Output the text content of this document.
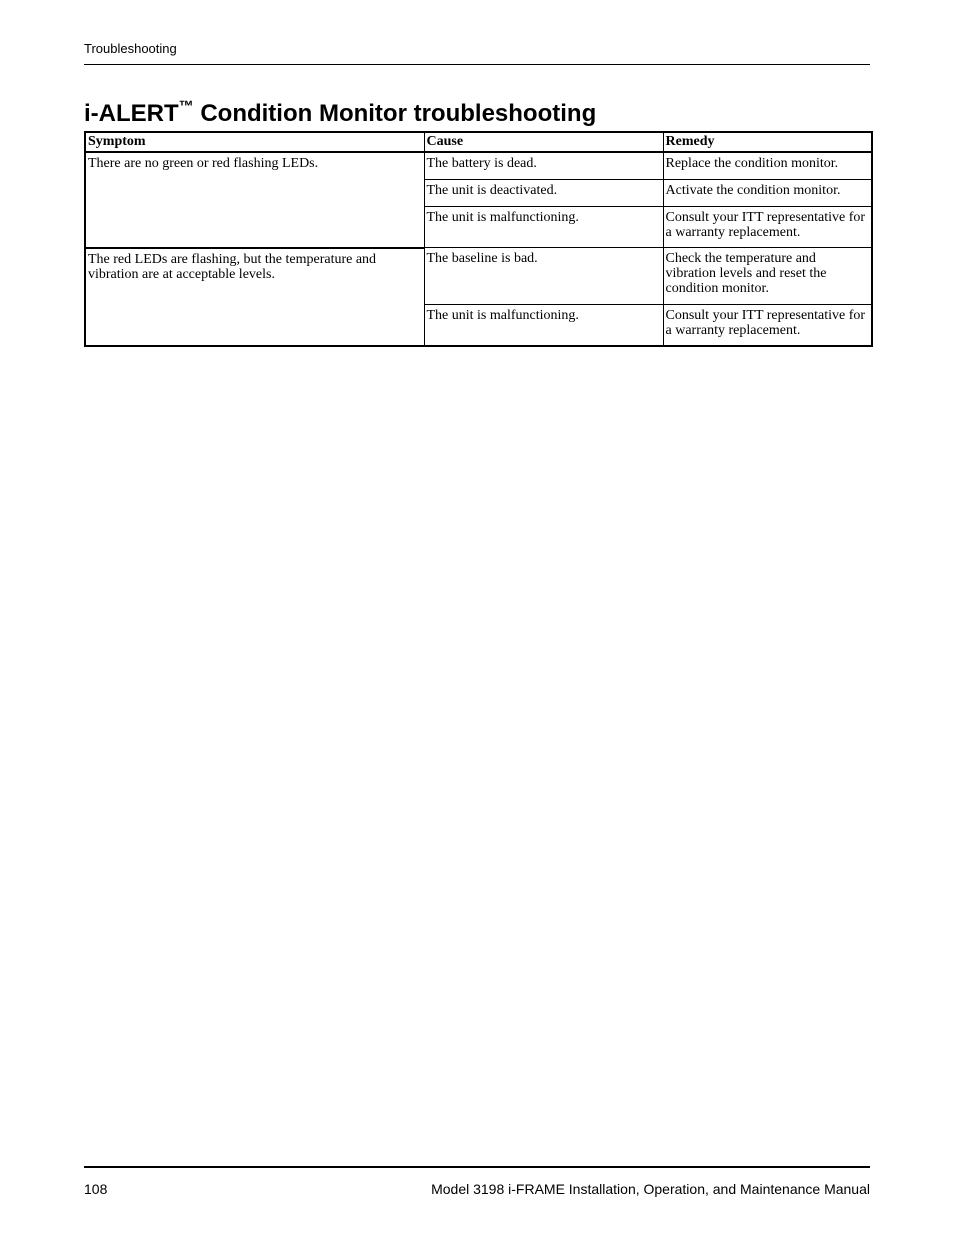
Troubleshooting
i-ALERT™ Condition Monitor troubleshooting
Symptom	Cause	Remedy
There are no green or red flashing LEDs.	The battery is dead.	Replace the condition monitor.
	The unit is deactivated.	Activate the condition monitor.
	The unit is malfunctioning.	Consult your ITT representative for a warranty replacement.
The red LEDs are flashing, but the temperature and vibration are at acceptable levels.	The baseline is bad.	Check the temperature and vibration levels and reset the condition monitor.
	The unit is malfunctioning.	Consult your ITT representative for a warranty replacement.
108	Model 3198 i-FRAME Installation, Operation, and Maintenance Manual
